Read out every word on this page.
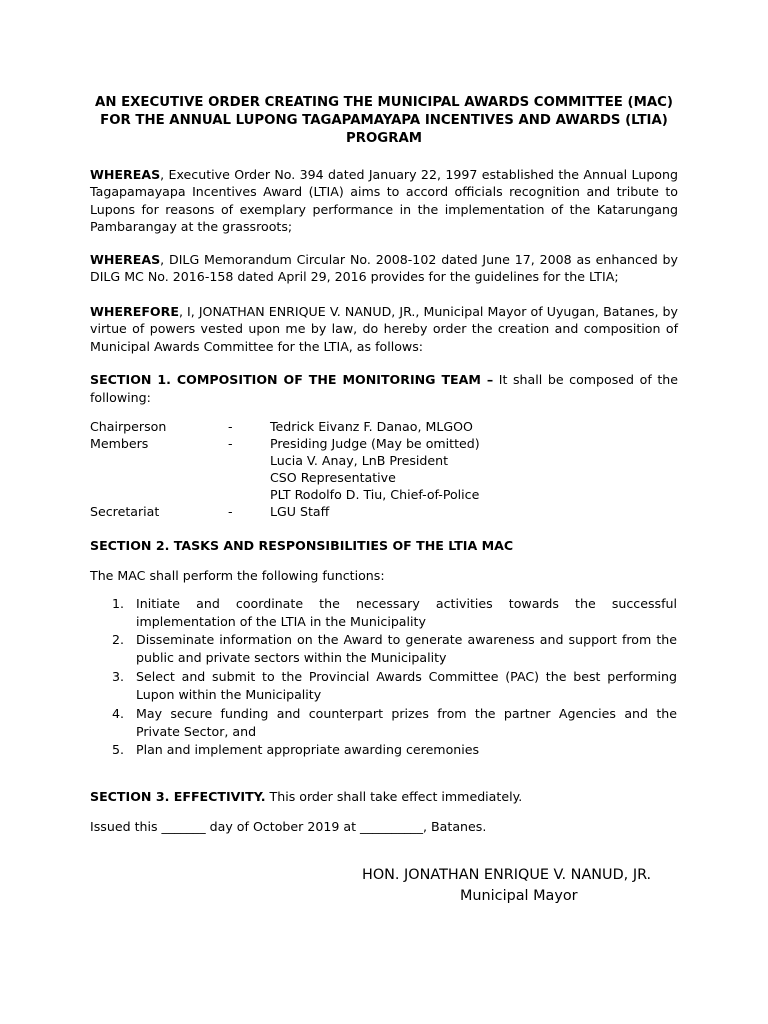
AN EXECUTIVE ORDER CREATING THE MUNICIPAL AWARDS COMMITTEE (MAC)
FOR THE ANNUAL LUPONG TAGAPAMAYAPA INCENTIVES AND AWARDS (LTIA)
PROGRAM

WHEREAS, Executive Order No. 394 dated January 22, 1997 established the Annual Lupong Tagapamayapa Incentives Award (LTIA) aims to accord officials recognition and tribute to Lupons for reasons of exemplary performance in the implementation of the Katarungang Pambarangay at the grassroots;

WHEREAS, DILG Memorandum Circular No. 2008-102 dated June 17, 2008 as enhanced by DILG MC No. 2016-158 dated April 29, 2016 provides for the guidelines for the LTIA;

WHEREFORE, I, JONATHAN ENRIQUE V. NANUD, JR., Municipal Mayor of Uyugan, Batanes, by virtue of powers vested upon me by law, do hereby order the creation and composition of Municipal Awards Committee for the LTIA, as follows:

SECTION 1. COMPOSITION OF THE MONITORING TEAM – It shall be composed of the following:
Chairperson	-	Tedrick Eivanz F. Danao, MLGOO
Members	-	Presiding Judge (May be omitted)
Lucia V. Anay, LnB President
CSO Representative
PLT Rodolfo D. Tiu, Chief-of-Police
Secretariat	-	LGU Staff
SECTION 2. TASKS AND RESPONSIBILITIES OF THE LTIA MAC
The MAC shall perform the following functions:
1. Initiate and coordinate the necessary activities towards the successful implementation of the LTIA in the Municipality
2. Disseminate information on the Award to generate awareness and support from the public and private sectors within the Municipality
3. Select and submit to the Provincial Awards Committee (PAC) the best performing Lupon within the Municipality
4. May secure funding and counterpart prizes from the partner Agencies and the Private Sector, and
5. Plan and implement appropriate awarding ceremonies
SECTION 3. EFFECTIVITY. This order shall take effect immediately.
Issued this _______ day of October 2019 at __________, Batanes.
HON. JONATHAN ENRIQUE V. NANUD, JR.
Municipal Mayor
